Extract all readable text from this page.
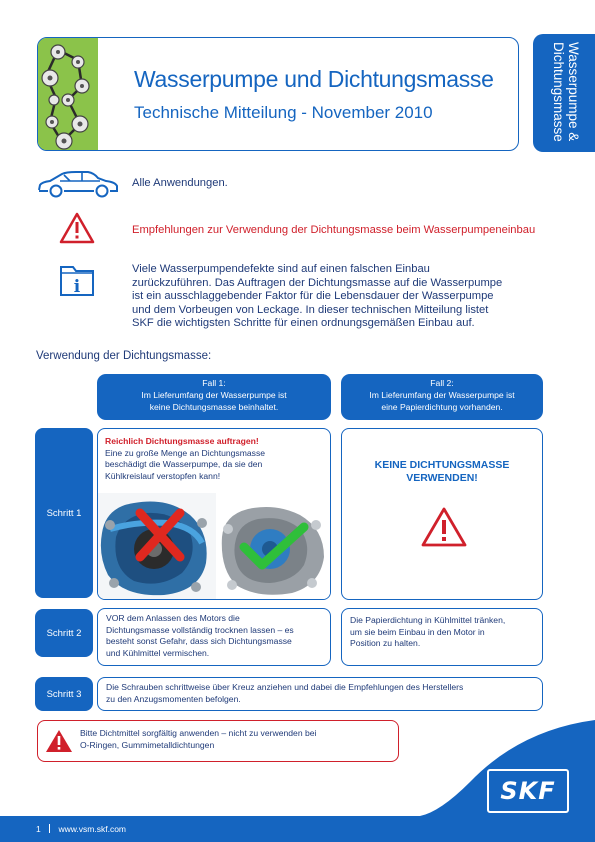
Wasserpumpe und Dichtungsmasse
Technische Mitteilung - November 2010	Wasserpumpe & Dichtungsmasse
Alle Anwendungen.
Empfehlungen zur Verwendung der Dichtungsmasse beim Wasserpumpeneinbau
i
Viele Wasserpumpendefekte sind auf einen falschen Einbau
zurückzuführen. Das Auftragen der Dichtungsmasse auf die Wasserpumpe
ist ein ausschlaggebender Faktor für die Lebensdauer der Wasserpumpe
und dem Vorbeugen von Leckage. In dieser technischen Mitteilung listet
SKF die wichtigsten Schritte für einen ordnungsgemäßen Einbau auf.
Verwendung der Dichtungsmasse:
Fall 1:
Im Lieferumfang der Wasserpumpe ist
keine Dichtungsmasse beinhaltet.
Fall 2:
Im Lieferumfang der Wasserpumpe ist
eine Papierdichtung vorhanden.
Schritt 1
Reichlich Dichtungsmasse auftragen!
Eine zu große Menge an Dichtungsmasse
beschädigt die Wasserpumpe, da sie den
Kühlkreislauf verstopfen kann!
KEINE DICHTUNGSMASSE
VERWENDEN!
Schritt 2
VOR dem Anlassen des Motors die
Dichtungsmasse vollständig trocknen lassen – es
besteht sonst Gefahr, dass sich Dichtungsmasse
und Kühlmittel vermischen.
Die Papierdichtung in Kühlmittel tränken,
um sie beim Einbau in den Motor in
Position zu halten.
Schritt 3
Die Schrauben schrittweise über Kreuz anziehen und dabei die Empfehlungen des Herstellers
zu den Anzugsmomenten befolgen.
Bitte Dichtmittel sorgfältig anwenden – nicht zu verwenden bei
O-Ringen, Gummimetalldichtungen
SKF
1 www.vsm.skf.com
